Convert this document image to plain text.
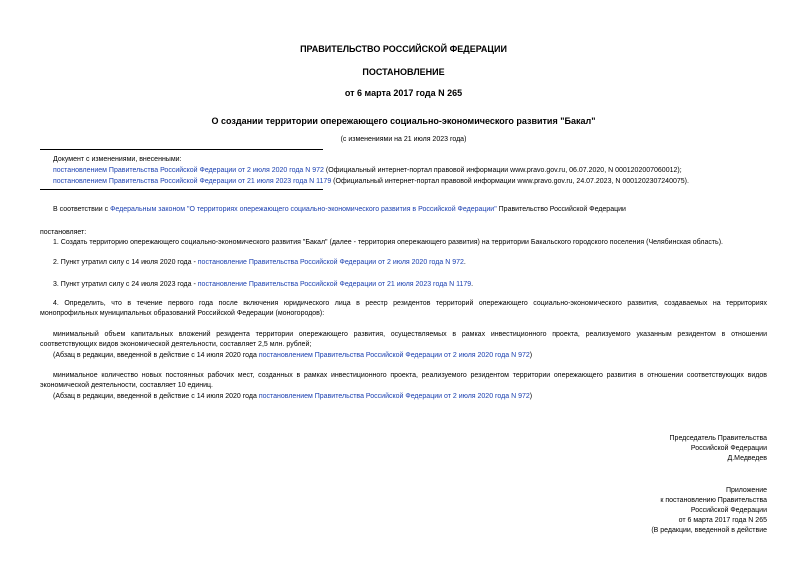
ПРАВИТЕЛЬСТВО РОССИЙСКОЙ ФЕДЕРАЦИИ
ПОСТАНОВЛЕНИЕ
от 6 марта 2017 года N 265
О создании территории опережающего социально-экономического развития "Бакал"
(с изменениями на 21 июля 2023 года)
Документ с изменениями, внесенными:
постановлением Правительства Российской Федерации от 2 июля 2020 года N 972 (Официальный интернет-портал правовой информации www.pravo.gov.ru, 06.07.2020, N 0001202007060012);
постановлением Правительства Российской Федерации от 21 июля 2023 года N 1179 (Официальный интернет-портал правовой информации www.pravo.gov.ru, 24.07.2023, N 0001202307240075).
В соответствии с Федеральным законом "О территориях опережающего социально-экономического развития в Российской Федерации" Правительство Российской Федерации
постановляет:
1. Создать территорию опережающего социально-экономического развития "Бакал" (далее - территория опережающего развития) на территории Бакальского городского поселения (Челябинская область).
2. Пункт утратил силу с 14 июля 2020 года - постановление Правительства Российской Федерации от 2 июля 2020 года N 972.
3. Пункт утратил силу с 24 июля 2023 года - постановление Правительства Российской Федерации от 21 июля 2023 года N 1179.
4. Определить, что в течение первого года после включения юридического лица в реестр резидентов территорий опережающего социально-экономического развития, создаваемых на территориях
монопрофильных муниципальных образований Российской Федерации (моногородов):
минимальный объем капитальных вложений резидента территории опережающего развития, осуществляемых в рамках инвестиционного проекта, реализуемого указанным резидентом в отношении
соответствующих видов экономической деятельности, составляет 2,5 млн. рублей;
(Абзац в редакции, введенной в действие с 14 июля 2020 года постановлением Правительства Российской Федерации от 2 июля 2020 года N 972)
минимальное количество новых постоянных рабочих мест, созданных в рамках инвестиционного проекта, реализуемого резидентом территории опережающего развития в отношении соответствующих видов
экономической деятельности, составляет 10 единиц.
(Абзац в редакции, введенной в действие с 14 июля 2020 года постановлением Правительства Российской Федерации от 2 июля 2020 года N 972)
Председатель Правительства
Российской Федерации
Д.Медведев
Приложение
к постановлению Правительства
Российской Федерации
от 6 марта 2017 года N 265
(В редакции, введенной в действие
